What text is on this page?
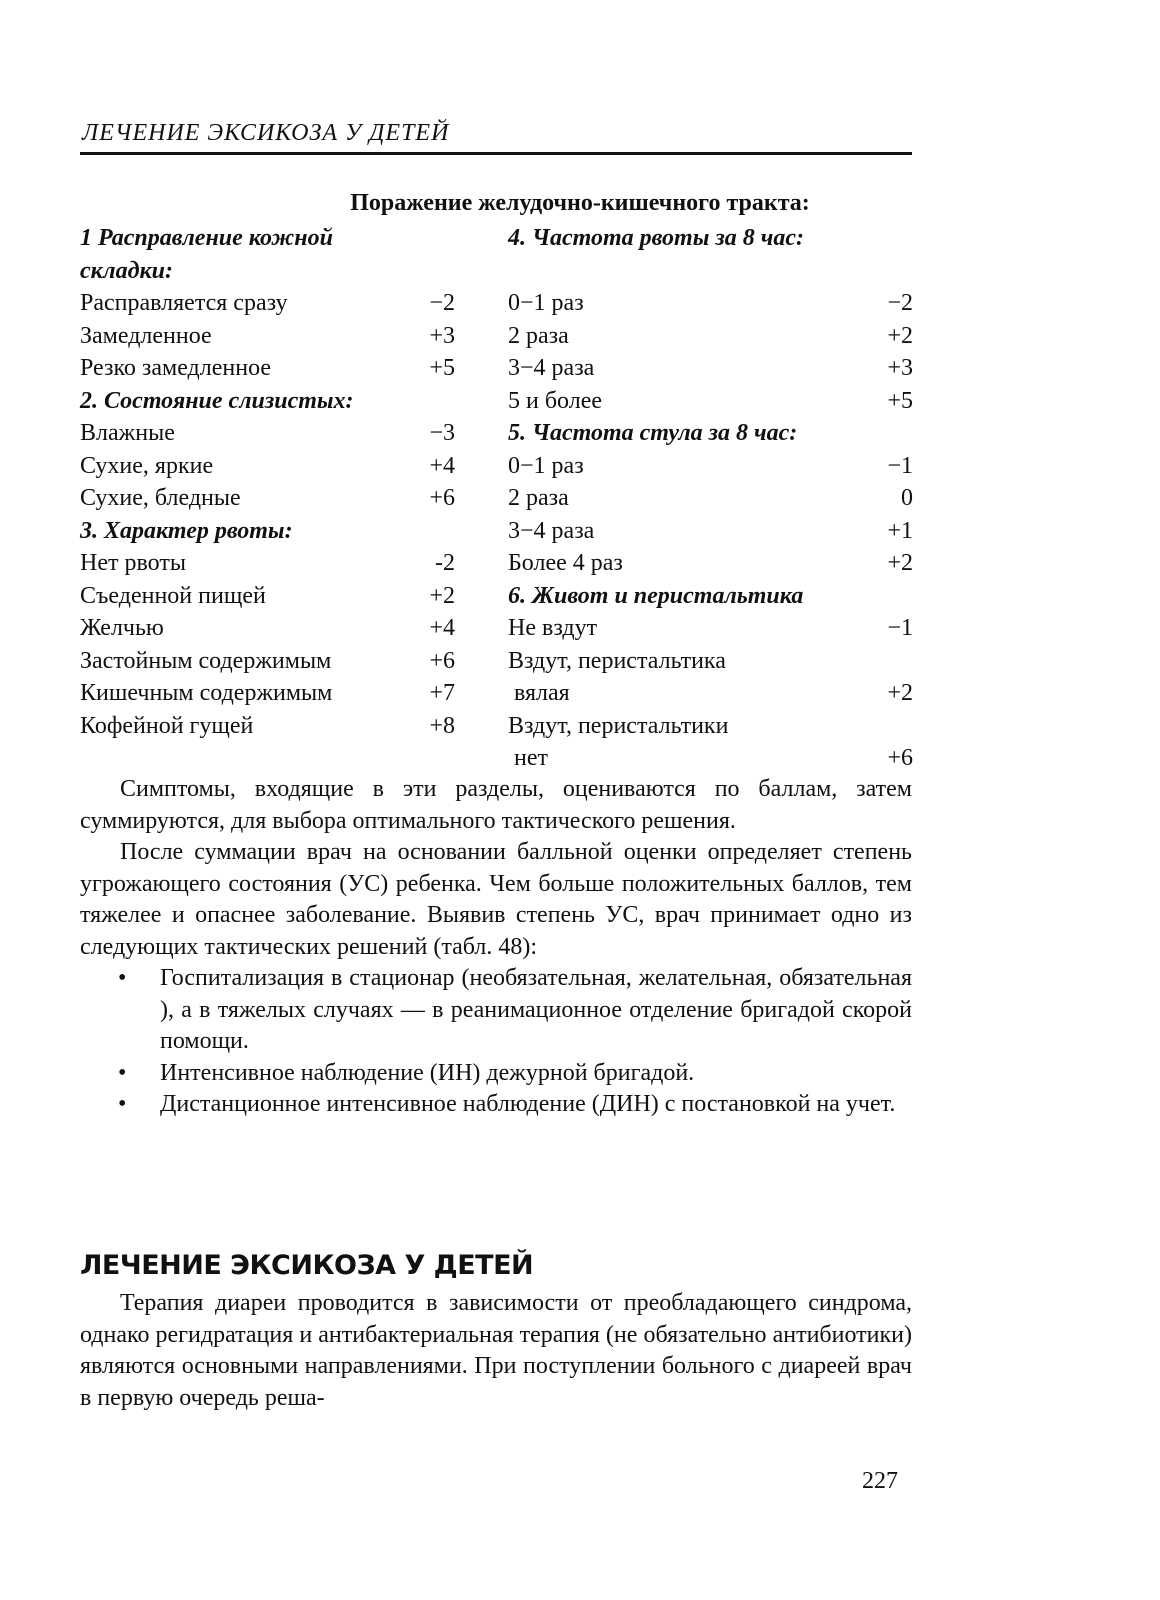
ЛЕЧЕНИЕ ЭКСИКОЗА У ДЕТЕЙ
Поражение желудочно-кишечного тракта:
1 Расправление кожной
складки:
Расправляется сразу	−2
Замедленное	+3
Резко замедленное	+5
2. Состояние слизистых:
Влажные	−3
Сухие, яркие	+4
Сухие, бледные	+6
3. Характер рвоты:
Нет рвоты	-2
Съеденной пищей	+2
Желчью	+4
Застойным содержимым	+6
Кишечным содержимым	+7
Кофейной гущей	+8
4. Частота рвоты за 8 час:
0−1 раз	−2
2 раза	+2
3−4 раза	+3
5 и более	+5
5. Частота стула за 8 час:
0−1 раз	−1
2 раза	0
3−4 раза	+1
Более 4 раз	+2
6. Живот и перистальтика
Не вздут	−1
Вздут, перистальтика
вялая	+2
Вздут, перистальтики
нет	+6

Симптомы, входящие в эти разделы, оцениваются по баллам, затем суммируются, для выбора оптимального тактического решения.

После суммации врач на основании балльной оценки определяет степень угрожающего состояния (УС) ребенка. Чем больше положительных баллов, тем тяжелее и опаснее заболевание. Выявив степень УС, врач принимает одно из следующих тактических решений (табл. 48):

• Госпитализация в стационар (необязательная, желательная, обязательная ), а в тяжелых случаях — в реанимационное отделение бригадой скорой помощи.
• Интенсивное наблюдение (ИН) дежурной бригадой.
• Дистанционное интенсивное наблюдение (ДИН) с постановкой на учет.
ЛЕЧЕНИЕ ЭКСИКОЗА У ДЕТЕЙ

Терапия диареи проводится в зависимости от преобладающего синдрома, однако регидратация и антибактериальная терапия (не обязательно антибиотики) являются основными направлениями. При поступлении больного с диареей врач в первую очередь реша-

227
